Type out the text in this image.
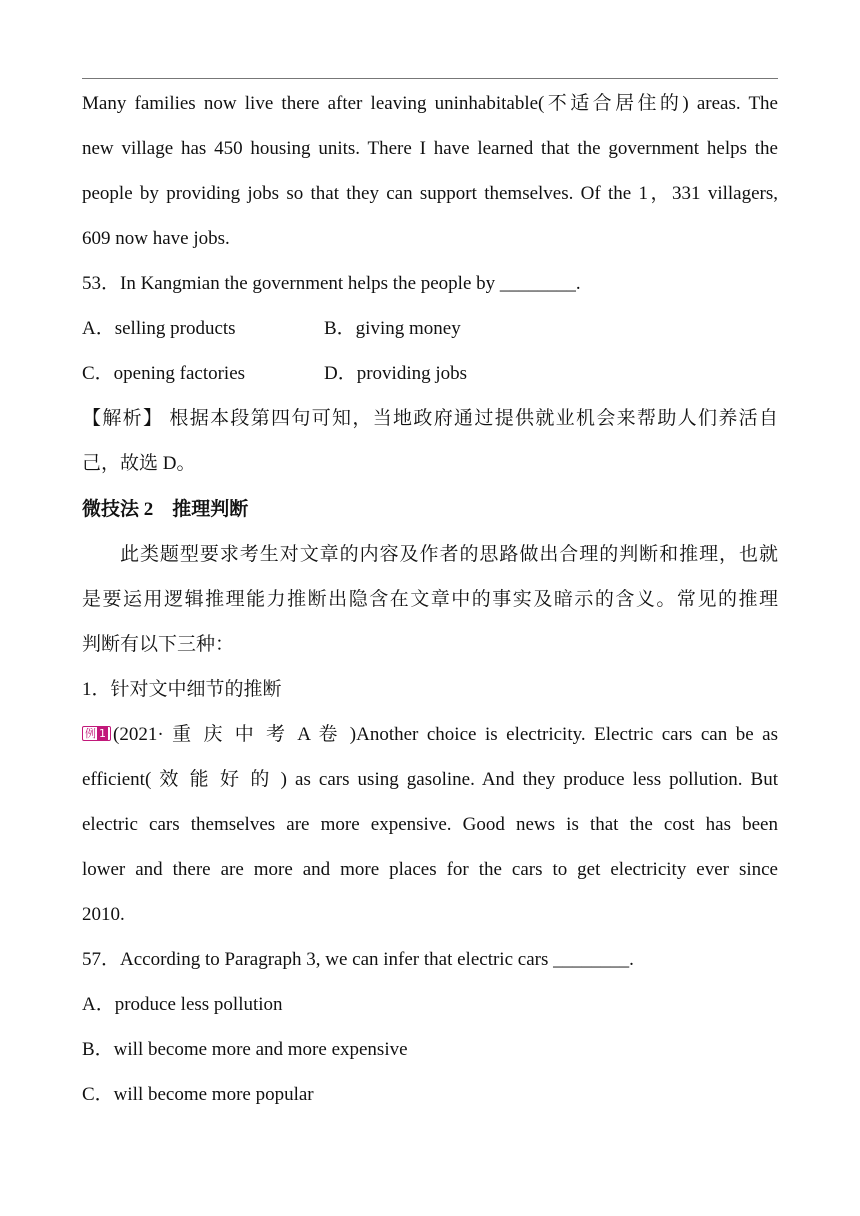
Many families now live there after leaving uninhabitable(不适合居住的) areas. The
new village has 450 housing units. There I have learned that the government helps the
people by providing jobs so that they can support themselves. Of the 1，331 villagers,
609 now have jobs.
53．In Kangmian the government helps the people by ________.
A．selling products	B．giving money
C．opening factories	D．providing jobs
【解析】 根据本段第四句可知，当地政府通过提供就业机会来帮助人们养活自
己，故选 D。
微技法 2　推理判断
此类题型要求考生对文章的内容及作者的思路做出合理的判断和推理，也就
是要运用逻辑推理能力推断出隐含在文章中的事实及暗示的含义。常见的推理
判断有以下三种：
1．针对文中细节的推断
例 1 (2021· 重 庆 中 考 A 卷 )Another choice is electricity. Electric cars can be as
efficient( 效 能 好 的 ) as cars using gasoline. And they produce less pollution. But
electric cars themselves are more expensive. Good news is that the cost has been
lower and there are more and more places for the cars to get electricity ever since
2010.
57．According to Paragraph 3, we can infer that electric cars ________.
A．produce less pollution
B．will become more and more expensive
C．will become more popular
